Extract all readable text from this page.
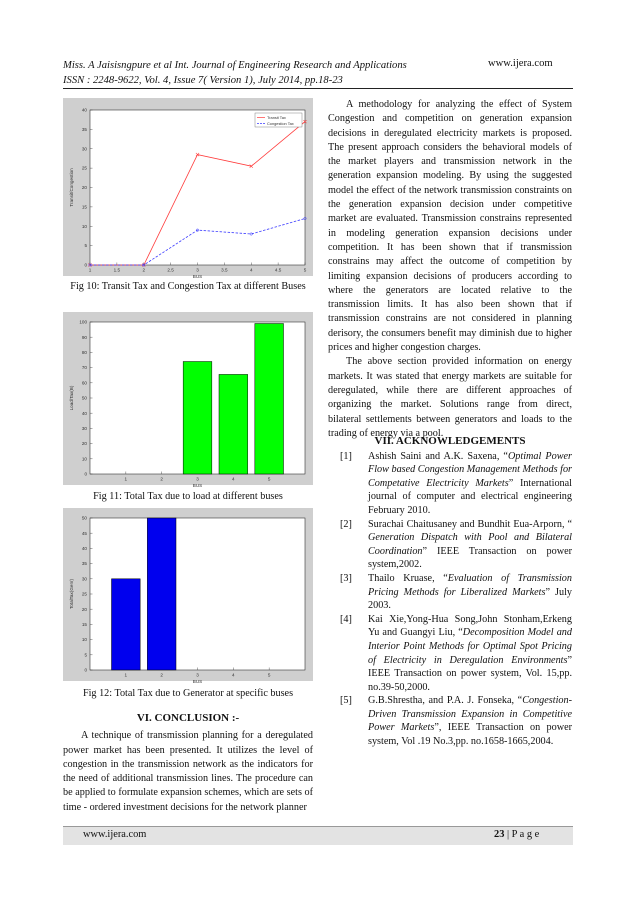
Miss. A Jaisisngpure et al Int. Journal of Engineering Research and Applications
ISSN : 2248-9622, Vol. 4, Issue 7( Version 1), July 2014, pp.18-23
www.ijera.com
0
5
10
15
20
25
30
35
40
BUS
Transit/Congestion
1	1.5	2	2.5	3	3.5	4	4.5	5
Transit Tax
Congestion Tax
Fig 10: Transit Tax and Congestion Tax at different Buses
0
10
20
30
40
50
60
70
80
90
100
BUS
Load/Tax(B)
1	2	3	4	5
Fig 11: Total Tax due to load at different buses
0
5
10
15
20
25
30
35
40
45
50
BUS
TotalTax(Genr)
1	2	3	4	5
Fig 12: Total Tax due to Generator at specific buses
VI. CONCLUSION :-

A technique of transmission planning for a deregulated power market has been presented. It utilizes the level of congestion in the transmission network as the indicators for the need of additional transmission lines. The procedure can be applied to formulate expansion schemes, which are sets of time - ordered investment decisions for the network planner

A methodology for analyzing the effect of System Congestion and competition on generation expansion decisions in deregulated electricity markets is proposed. The present approach considers the behavioral models of the market players and transmission network in the generation expansion modeling. By using the suggested model the effect of the network transmission constraints on the generation expansion decision under competitive market are evaluated. Transmission constrains represented in modeling generation expansion decisions under competition. It has been shown that if transmission constrains may affect the outcome of competition by limiting expansion decisions of producers according to where the generators are located relative to the transmission limits. It has also been shown that if transmission constrains are not considered in planning derisory, the consumers benefit may diminish due to higher prices and higher congestion charges.

The above section provided information on energy markets. It was stated that energy markets are suitable for deregulated, while there are different approaches of organizing the market. Solutions range from direct, bilateral settlements between generators and loads to the trading of energy via a pool.

VII. ACKNOWLEDGEMENTS
[1]	Ashish Saini and A.K. Saxena, “Optimal Power Flow based Congestion Management Methods for Competative Electricity Markets” International journal of computer and electrical engineering February 2010.
[2]	Surachai Chaitusaney and Bundhit Eua-Arporn, “ Generation Dispatch with Pool and Bilateral Coordination” IEEE Transaction on power system,2002.
[3]	Thailo Kruase, “Evaluation of Transmission Pricing Methods for Liberalized Markets” July 2003.
[4]	Kai Xie,Yong-Hua Song,John Stonham,Erkeng Yu and Guangyi Liu, “Decomposition Model and Interior Point Methods for Optimal Spot Pricing of Electricity in Deregulation Environments” IEEE Transaction on power system, Vol. 15,pp. no.39-50,2000.
[5]	G.B.Shrestha, and P.A. J. Fonseka, “Congestion-Driven Transmission Expansion in Competitive Power Markets”, IEEE Transaction on power system, Vol .19 No.3,pp. no.1658-1665,2004.
www.ijera.com	23 | P a g e
